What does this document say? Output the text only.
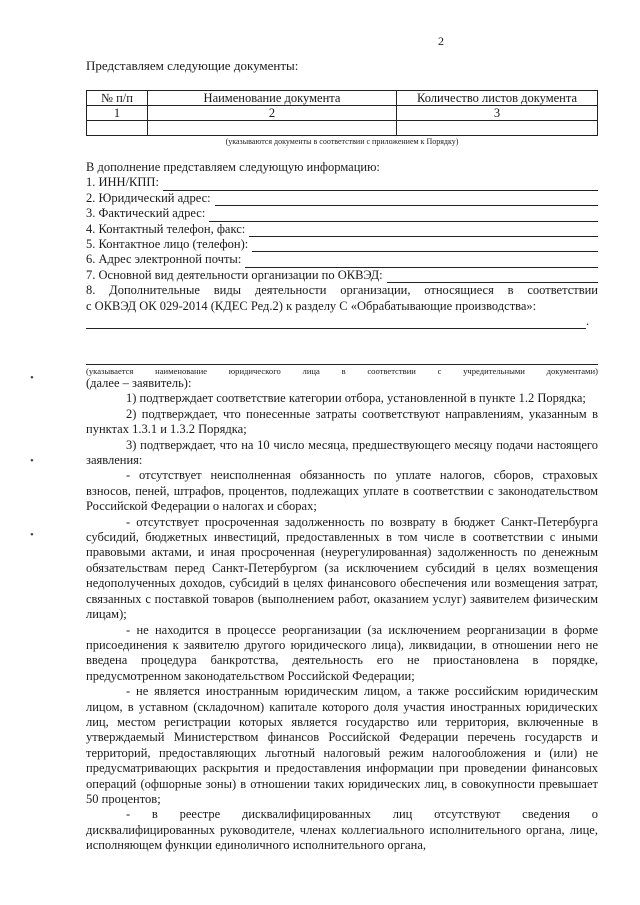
2
Представляем следующие документы:
№ п/п	Наименование документа	Количество листов документа
1	2	3

(указываются документы в соответствии с приложением к Порядку)
В дополнение представляем следующую информацию:
1. ИНН/КПП:
2. Юридический адрес:
3. Фактический адрес:
4. Контактный телефон, факс:
5. Контактное лицо (телефон):
6. Адрес электронной почты:
7. Основной вид деятельности организации по ОКВЭД:
8. Дополнительные виды деятельности организации, относящиеся в соответствии
с ОКВЭД ОК 029-2014 (КДЕС Ред.2) к разделу С «Обрабатывающие производства»:
.
(указывается	наименование	юридического	лица	в	соответствии	с	учредительными	документами)
•
•
•
(далее – заявитель):

1) подтверждает соответствие категории отбора, установленной в пункте 1.2 Порядка;

2) подтверждает, что понесенные затраты соответствуют направлениям, указанным в пунктах 1.3.1 и 1.3.2 Порядка;

3) подтверждает, что на 10 число месяца, предшествующего месяцу подачи настоящего заявления:

- отсутствует неисполненная обязанность по уплате налогов, сборов, страховых взносов, пеней, штрафов, процентов, подлежащих уплате в соответствии с законодательством Российской Федерации о налогах и сборах;

- отсутствует просроченная задолженность по возврату в бюджет Санкт-Петербурга субсидий, бюджетных инвестиций, предоставленных в том числе в соответствии с иными правовыми актами, и иная просроченная (неурегулированная) задолженность по денежным обязательствам перед Санкт-Петербургом (за исключением субсидий в целях возмещения недополученных доходов, субсидий в целях финансового обеспечения или возмещения затрат, связанных с поставкой товаров (выполнением работ, оказанием услуг) заявителем физическим лицам);

- не находится в процессе реорганизации (за исключением реорганизации в форме присоединения к заявителю другого юридического лица), ликвидации, в отношении него не введена процедура банкротства, деятельность его не приостановлена в порядке, предусмотренном законодательством Российской Федерации;

- не является иностранным юридическим лицом, а также российским юридическим лицом, в уставном (складочном) капитале которого доля участия иностранных юридических лиц, местом регистрации которых является государство или территория, включенные в утверждаемый Министерством финансов Российской Федерации перечень государств и территорий, предоставляющих льготный налоговый режим налогообложения и (или) не предусматривающих раскрытия и предоставления информации при проведении финансовых операций (офшорные зоны) в отношении таких юридических лиц, в совокупности превышает 50 процентов;

- в реестре дисквалифицированных лиц отсутствуют сведения о дисквалифицированных руководителе, членах коллегиального исполнительного органа, лице, исполняющем функции единоличного исполнительного органа,
